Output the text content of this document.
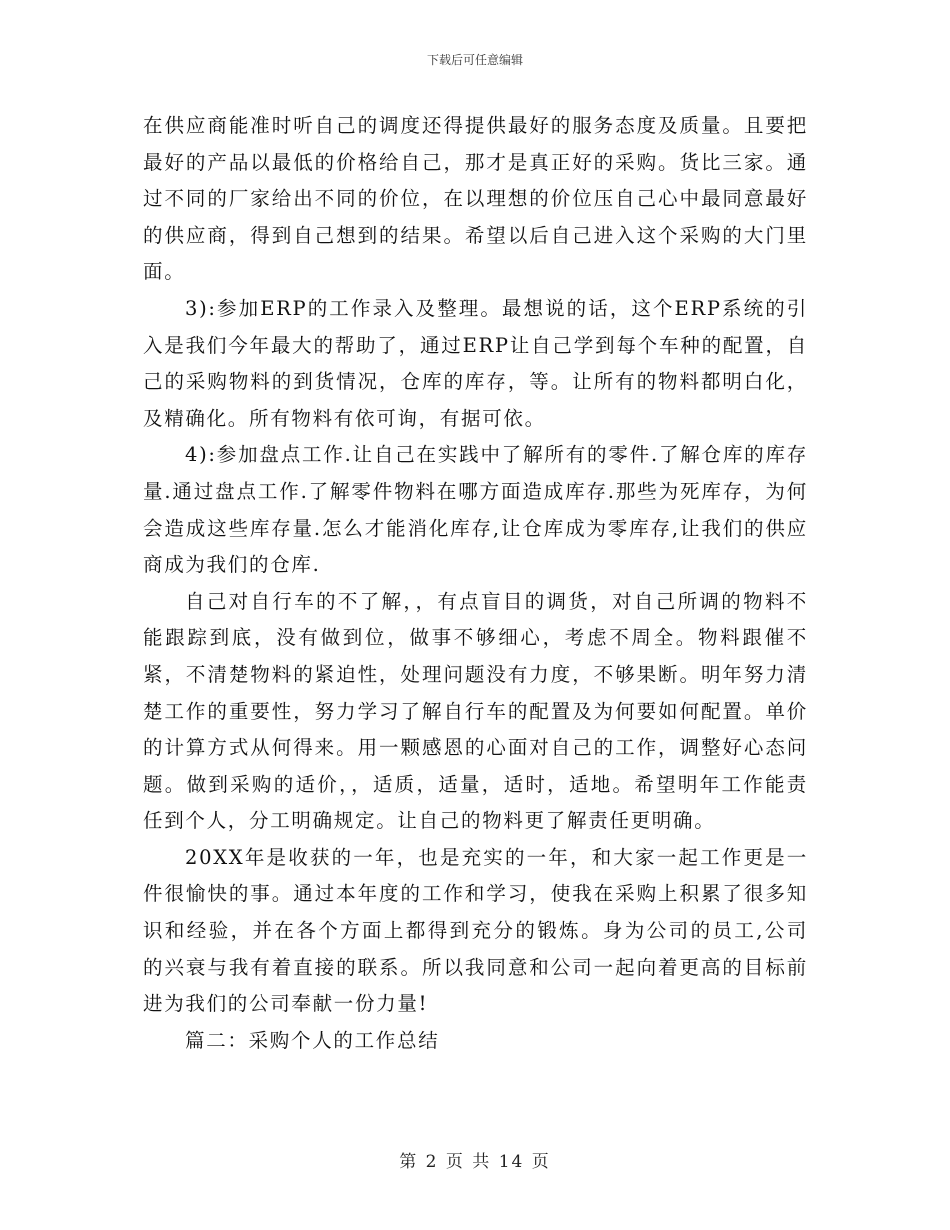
下载后可任意编辑

在供应商能准时听自己的调度还得提供最好的服务态度及质量。且要把最好的产品以最低的价格给自己，那才是真正好的采购。货比三家。通过不同的厂家给出不同的价位，在以理想的价位压自己心中最同意最好的供应商，得到自己想到的结果。希望以后自己进入这个采购的大门里面。

3):参加ERP的工作录入及整理。最想说的话，这个ERP系统的引入是我们今年最大的帮助了，通过ERP让自己学到每个车种的配置，自己的采购物料的到货情况，仓库的库存，等。让所有的物料都明白化，及精确化。所有物料有依可询，有据可依。

4):参加盘点工作.让自己在实践中了解所有的零件.了解仓库的库存量.通过盘点工作.了解零件物料在哪方面造成库存.那些为死库存，为何会造成这些库存量.怎么才能消化库存,让仓库成为零库存,让我们的供应商成为我们的仓库.

自己对自行车的不了解，，有点盲目的调货，对自己所调的物料不能跟踪到底，没有做到位，做事不够细心，考虑不周全。物料跟催不紧，不清楚物料的紧迫性，处理问题没有力度，不够果断。明年努力清楚工作的重要性，努力学习了解自行车的配置及为何要如何配置。单价的计算方式从何得来。用一颗感恩的心面对自己的工作，调整好心态问题。做到采购的适价，，适质，适量，适时，适地。希望明年工作能责任到个人，分工明确规定。让自己的物料更了解责任更明确。

20XX年是收获的一年，也是充实的一年，和大家一起工作更是一件很愉快的事。通过本年度的工作和学习，使我在采购上积累了很多知识和经验，并在各个方面上都得到充分的锻炼。身为公司的员工,公司的兴衰与我有着直接的联系。所以我同意和公司一起向着更高的目标前进为我们的公司奉献一份力量!

篇二：采购个人的工作总结

第 2 页 共 14 页
